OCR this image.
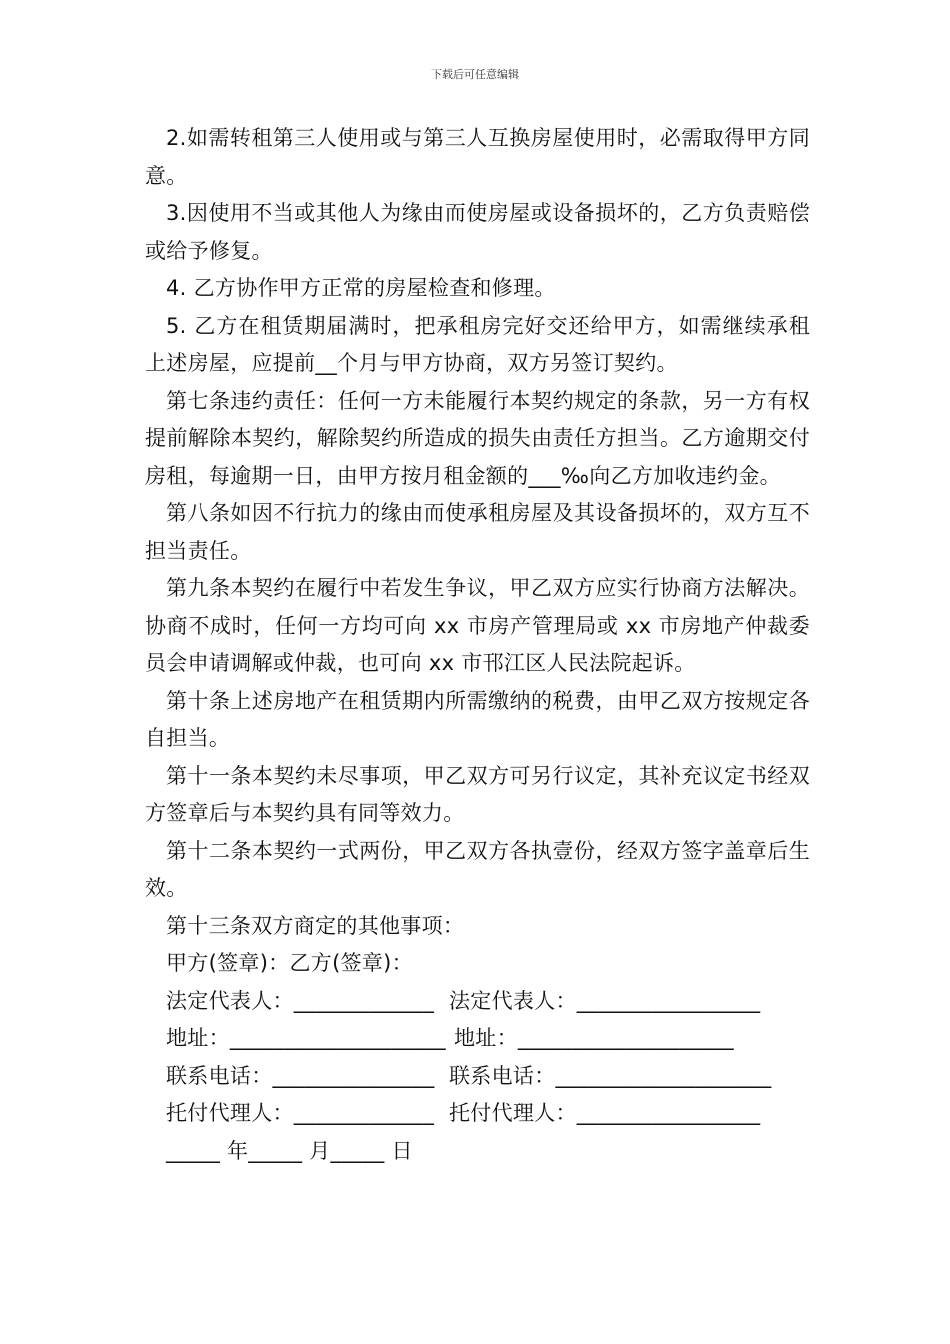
下载后可任意编辑

2.如需转租第三人使用或与第三人互换房屋使用时，必需取得甲方同意。

3.因使用不当或其他人为缘由而使房屋或设备损坏的，乙方负责赔偿或给予修复。

4. 乙方协作甲方正常的房屋检查和修理。

5. 乙方在租赁期届满时，把承租房完好交还给甲方，如需继续承租上述房屋，应提前__个月与甲方协商，双方另签订契约。

第七条违约责任：任何一方未能履行本契约规定的条款，另一方有权提前解除本契约，解除契约所造成的损失由责任方担当。乙方逾期交付房租，每逾期一日，由甲方按月租金额的___‰向乙方加收违约金。

第八条如因不行抗力的缘由而使承租房屋及其设备损坏的，双方互不担当责任。

第九条本契约在履行中若发生争议，甲乙双方应实行协商方法解决。协商不成时，任何一方均可向 xx 市房产管理局或 xx 市房地产仲裁委员会申请调解或仲裁，也可向 xx 市邗江区人民法院起诉。

第十条上述房地产在租赁期内所需缴纳的税费，由甲乙双方按规定各自担当。

第十一条本契约未尽事项，甲乙双方可另行议定，其补充议定书经双方签章后与本契约具有同等效力。

第十二条本契约一式两份，甲乙双方各执壹份，经双方签字盖章后生效。

第十三条双方商定的其他事项：

甲方(签章)：乙方(签章)：

法定代表人：_____________ 法定代表人：_________________
地址：____________________ 地址：____________________
联系电话：_______________ 联系电话：____________________
托付代理人：_____________ 托付代理人：_________________

_____ 年_____ 月_____ 日
